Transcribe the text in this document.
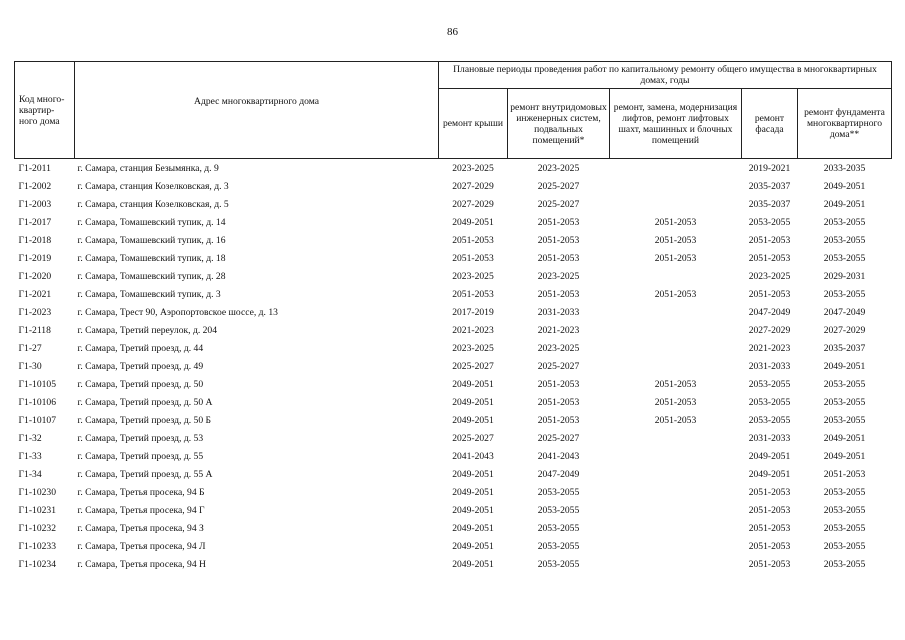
86
Код много-квартир-ного дома	Адрес многоквартирного дома	Плановые периоды проведения работ по капитальному ремонту общего имущества в многоквартирных домах, годы				
		ремонт крыши	ремонт внутридомовых инженерных систем, подвальных помещений*	ремонт, замена, модернизация лифтов, ремонт лифтовых шахт, машинных и блочных помещений	ремонт фасада	ремонт фундамента многоквартирного дома**
Г1-2011	г. Самара, станция Безымянка, д. 9	2023-2025	2023-2025		2019-2021	2033-2035
Г1-2002	г. Самара, станция Козелковская, д. 3	2027-2029	2025-2027		2035-2037	2049-2051
Г1-2003	г. Самара, станция Козелковская, д. 5	2027-2029	2025-2027		2035-2037	2049-2051
Г1-2017	г. Самара, Томашевский тупик, д. 14	2049-2051	2051-2053	2051-2053	2053-2055	2053-2055
Г1-2018	г. Самара, Томашевский тупик, д. 16	2051-2053	2051-2053	2051-2053	2051-2053	2053-2055
Г1-2019	г. Самара, Томашевский тупик, д. 18	2051-2053	2051-2053	2051-2053	2051-2053	2053-2055
Г1-2020	г. Самара, Томашевский тупик, д. 28	2023-2025	2023-2025		2023-2025	2029-2031
Г1-2021	г. Самара, Томашевский тупик, д. 3	2051-2053	2051-2053	2051-2053	2051-2053	2053-2055
Г1-2023	г. Самара, Трест 90, Аэропортовское шоссе, д. 13	2017-2019	2031-2033		2047-2049	2047-2049
Г1-2118	г. Самара, Третий переулок, д. 204	2021-2023	2021-2023		2027-2029	2027-2029
Г1-27	г. Самара, Третий проезд, д. 44	2023-2025	2023-2025		2021-2023	2035-2037
Г1-30	г. Самара, Третий проезд, д. 49	2025-2027	2025-2027		2031-2033	2049-2051
Г1-10105	г. Самара, Третий проезд, д. 50	2049-2051	2051-2053	2051-2053	2053-2055	2053-2055
Г1-10106	г. Самара, Третий проезд, д. 50 А	2049-2051	2051-2053	2051-2053	2053-2055	2053-2055
Г1-10107	г. Самара, Третий проезд, д. 50 Б	2049-2051	2051-2053	2051-2053	2053-2055	2053-2055
Г1-32	г. Самара, Третий проезд, д. 53	2025-2027	2025-2027		2031-2033	2049-2051
Г1-33	г. Самара, Третий проезд, д. 55	2041-2043	2041-2043		2049-2051	2049-2051
Г1-34	г. Самара, Третий проезд, д. 55 А	2049-2051	2047-2049		2049-2051	2051-2053
Г1-10230	г. Самара, Третья просека, 94 Б	2049-2051	2053-2055		2051-2053	2053-2055
Г1-10231	г. Самара, Третья просека, 94 Г	2049-2051	2053-2055		2051-2053	2053-2055
Г1-10232	г. Самара, Третья просека, 94 З	2049-2051	2053-2055		2051-2053	2053-2055
Г1-10233	г. Самара, Третья просека, 94 Л	2049-2051	2053-2055		2051-2053	2053-2055
Г1-10234	г. Самара, Третья просека, 94 Н	2049-2051	2053-2055		2051-2053	2053-2055
